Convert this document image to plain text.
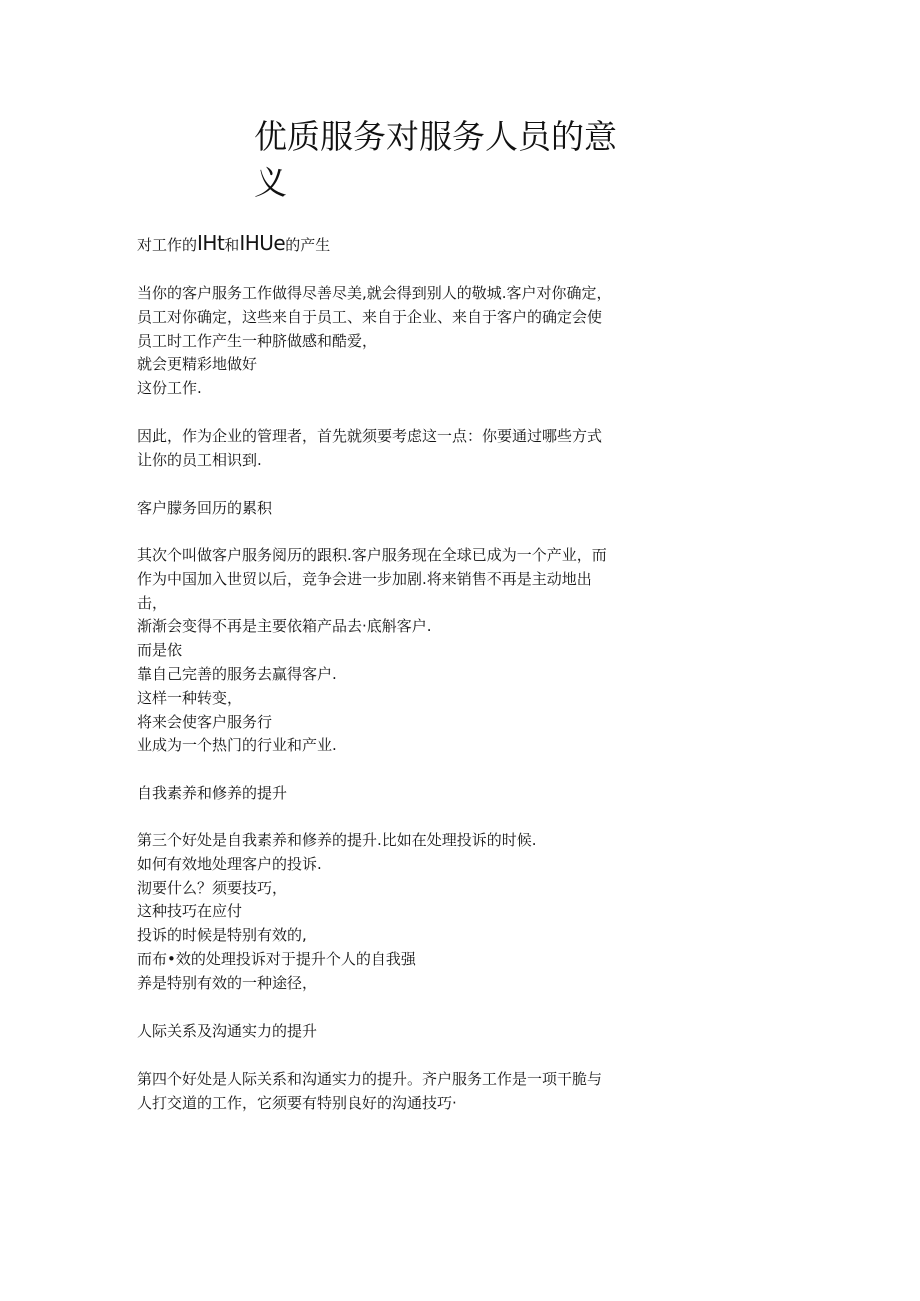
优质服务对服务人员的意
义
对工作的IHt和IHUe的产生
当你的客户服务工作做得尽善尽美,就会得到别人的敬城.客户对你确定，
员工对你确定，这些来自于员工、来自于企业、来自于客户的确定会使
员工时工作产生一种脐做感和酷爱，
就会更精彩地做好
这份工作.
因此，作为企业的管理者，首先就须要考虑这一点：你要通过哪些方式
让你的员工相识到.
客户朦务回历的累积
其次个叫做客户服务阅历的跟积.客户服务现在全球已成为一个产业，而
作为中国加入世贸以后，竞争会进一步加剧.将来销售不再是主动地出
击，
渐渐会变得不再是主要依箱产品去·底斛客户.
而是依
靠自己完善的服务去赢得客户.
这样一种转变，
将来会使客户服务行
业成为一个热门的行业和产业.
自我素养和修养的提升
第三个好处是自我素养和修养的提升.比如在处理投诉的时候.
如何有效地处理客户的投诉.
沏要什么？须要技巧，
这种技巧在应付
投诉的时候是特别有效的,
而布•效的处理投诉对于提升个人的自我强
养是特别有效的一种途径，
人际关系及沟通实力的提升
第四个好处是人际关系和沟通实力的提升。齐户服务工作是一项干脆与
人打交道的工作，它须要有特别良好的沟通技巧·
